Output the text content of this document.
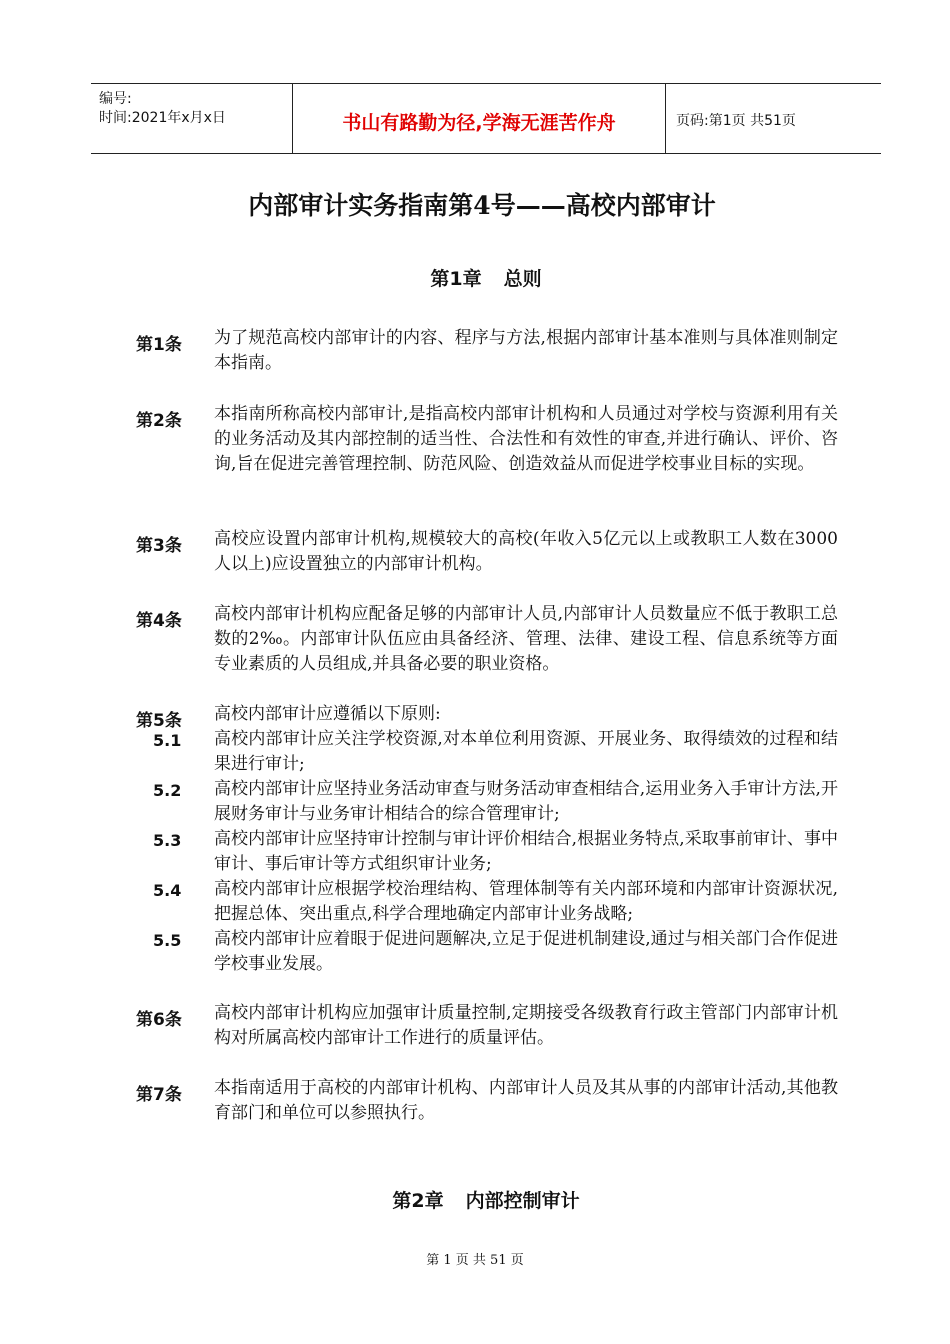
编号:
时间:2021年x月x日	书山有路勤为径,学海无涯苦作舟	页码:第1页 共51页
内部审计实务指南第4号——高校内部审计
第1章 总则
第1条 为了规范高校内部审计的内容、程序与方法,根据内部审计基本准则与具体准则制定本指南。
第2条 本指南所称高校内部审计,是指高校内部审计机构和人员通过对学校与资源利用有关的业务活动及其内部控制的适当性、合法性和有效性的审查,并进行确认、评价、咨询,旨在促进完善管理控制、防范风险、创造效益从而促进学校事业目标的实现。
第3条 高校应设置内部审计机构,规模较大的高校(年收入5亿元以上或教职工人数在3000人以上)应设置独立的内部审计机构。
第4条 高校内部审计机构应配备足够的内部审计人员,内部审计人员数量应不低于教职工总数的2‰。内部审计队伍应由具备经济、管理、法律、建设工程、信息系统等方面专业素质的人员组成,并具备必要的职业资格。
第5条 高校内部审计应遵循以下原则:
5.1 高校内部审计应关注学校资源,对本单位利用资源、开展业务、取得绩效的过程和结果进行审计;
5.2 高校内部审计应坚持业务活动审查与财务活动审查相结合,运用业务入手审计方法,开展财务审计与业务审计相结合的综合管理审计;
5.3 高校内部审计应坚持审计控制与审计评价相结合,根据业务特点,采取事前审计、事中审计、事后审计等方式组织审计业务;
5.4 高校内部审计应根据学校治理结构、管理体制等有关内部环境和内部审计资源状况,把握总体、突出重点,科学合理地确定内部审计业务战略;
5.5 高校内部审计应着眼于促进问题解决,立足于促进机制建设,通过与相关部门合作促进学校事业发展。
第6条 高校内部审计机构应加强审计质量控制,定期接受各级教育行政主管部门内部审计机构对所属高校内部审计工作进行的质量评估。
第7条 本指南适用于高校的内部审计机构、内部审计人员及其从事的内部审计活动,其他教育部门和单位可以参照执行。
第2章 内部控制审计
第 1 页 共 51 页
